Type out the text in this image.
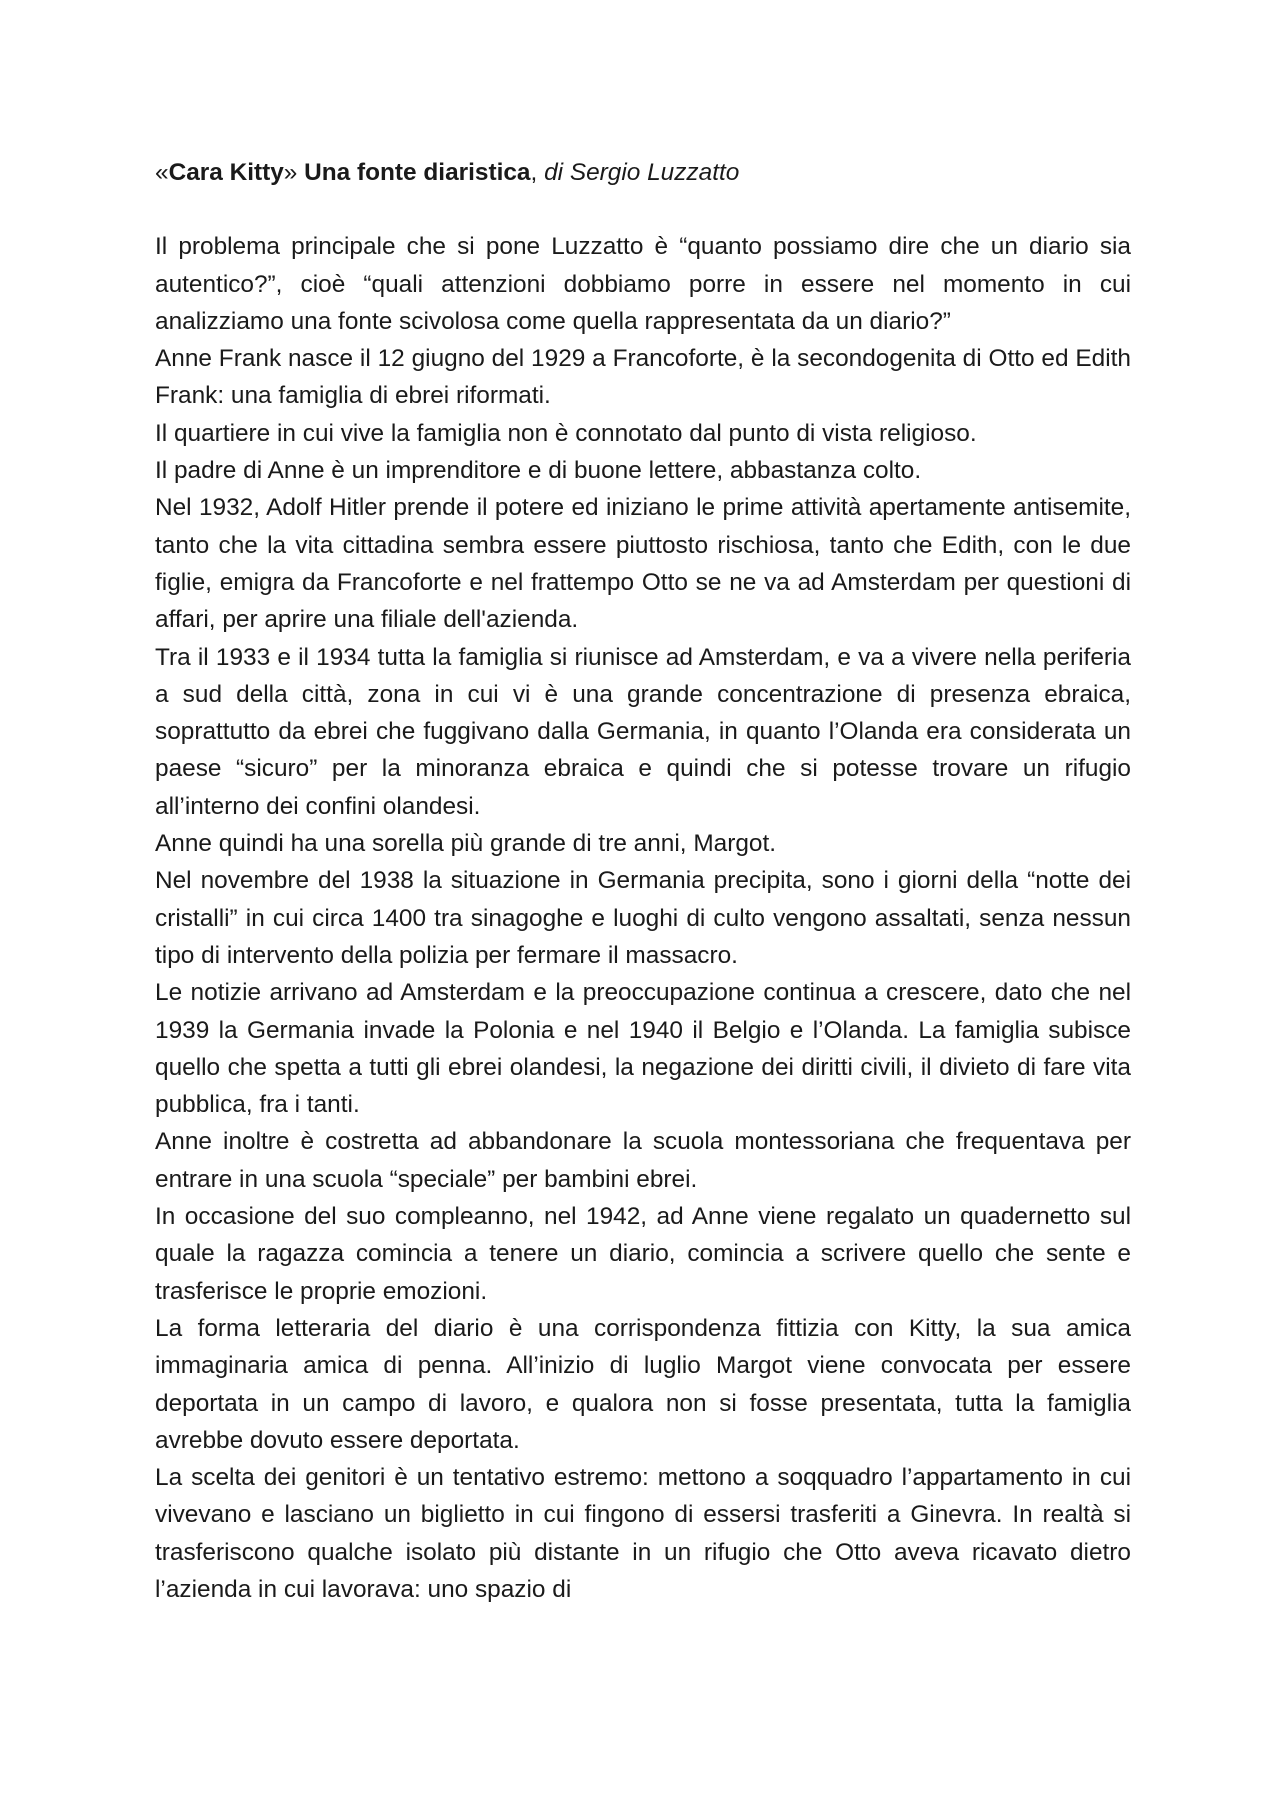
«Cara Kitty» Una fonte diaristica, di Sergio Luzzatto

Il problema principale che si pone Luzzatto è “quanto possiamo dire che un diario sia autentico?”, cioè “quali attenzioni dobbiamo porre in essere nel momento in cui analizziamo una fonte scivolosa come quella rappresentata da un diario?”

Anne Frank nasce il 12 giugno del 1929 a Francoforte, è la secondogenita di Otto ed Edith Frank: una famiglia di ebrei riformati.

Il quartiere in cui vive la famiglia non è connotato dal punto di vista religioso.

Il padre di Anne è un imprenditore e di buone lettere, abbastanza colto.

Nel 1932, Adolf Hitler prende il potere ed iniziano le prime attività apertamente antisemite, tanto che la vita cittadina sembra essere piuttosto rischiosa, tanto che Edith, con le due figlie, emigra da Francoforte e nel frattempo Otto se ne va ad Amsterdam per questioni di affari, per aprire una filiale dell'azienda.

Tra il 1933 e il 1934 tutta la famiglia si riunisce ad Amsterdam, e va a vivere nella periferia a sud della città, zona in cui vi è una grande concentrazione di presenza ebraica, soprattutto da ebrei che fuggivano dalla Germania, in quanto l’Olanda era considerata un paese “sicuro” per la minoranza ebraica e quindi che si potesse trovare un rifugio all’interno dei confini olandesi.

Anne quindi ha una sorella più grande di tre anni, Margot.

Nel novembre del 1938 la situazione in Germania precipita, sono i giorni della “notte dei cristalli” in cui circa 1400 tra sinagoghe e luoghi di culto vengono assaltati, senza nessun tipo di intervento della polizia per fermare il massacro.

Le notizie arrivano ad Amsterdam e la preoccupazione continua a crescere, dato che nel 1939 la Germania invade la Polonia e nel 1940 il Belgio e l’Olanda. La famiglia subisce quello che spetta a tutti gli ebrei olandesi, la negazione dei diritti civili, il divieto di fare vita pubblica, fra i tanti.

Anne inoltre è costretta ad abbandonare la scuola montessoriana che frequentava per entrare in una scuola “speciale” per bambini ebrei.

In occasione del suo compleanno, nel 1942, ad Anne viene regalato un quadernetto sul quale la ragazza comincia a tenere un diario, comincia a scrivere quello che sente e trasferisce le proprie emozioni.

La forma letteraria del diario è una corrispondenza fittizia con Kitty, la sua amica immaginaria amica di penna. All’inizio di luglio Margot viene convocata per essere deportata in un campo di lavoro, e qualora non si fosse presentata, tutta la famiglia avrebbe dovuto essere deportata.

La scelta dei genitori è un tentativo estremo: mettono a soqquadro l’appartamento in cui vivevano e lasciano un biglietto in cui fingono di essersi trasferiti a Ginevra. In realtà si trasferiscono qualche isolato più distante in un rifugio che Otto aveva ricavato dietro l’azienda in cui lavorava: uno spazio di
